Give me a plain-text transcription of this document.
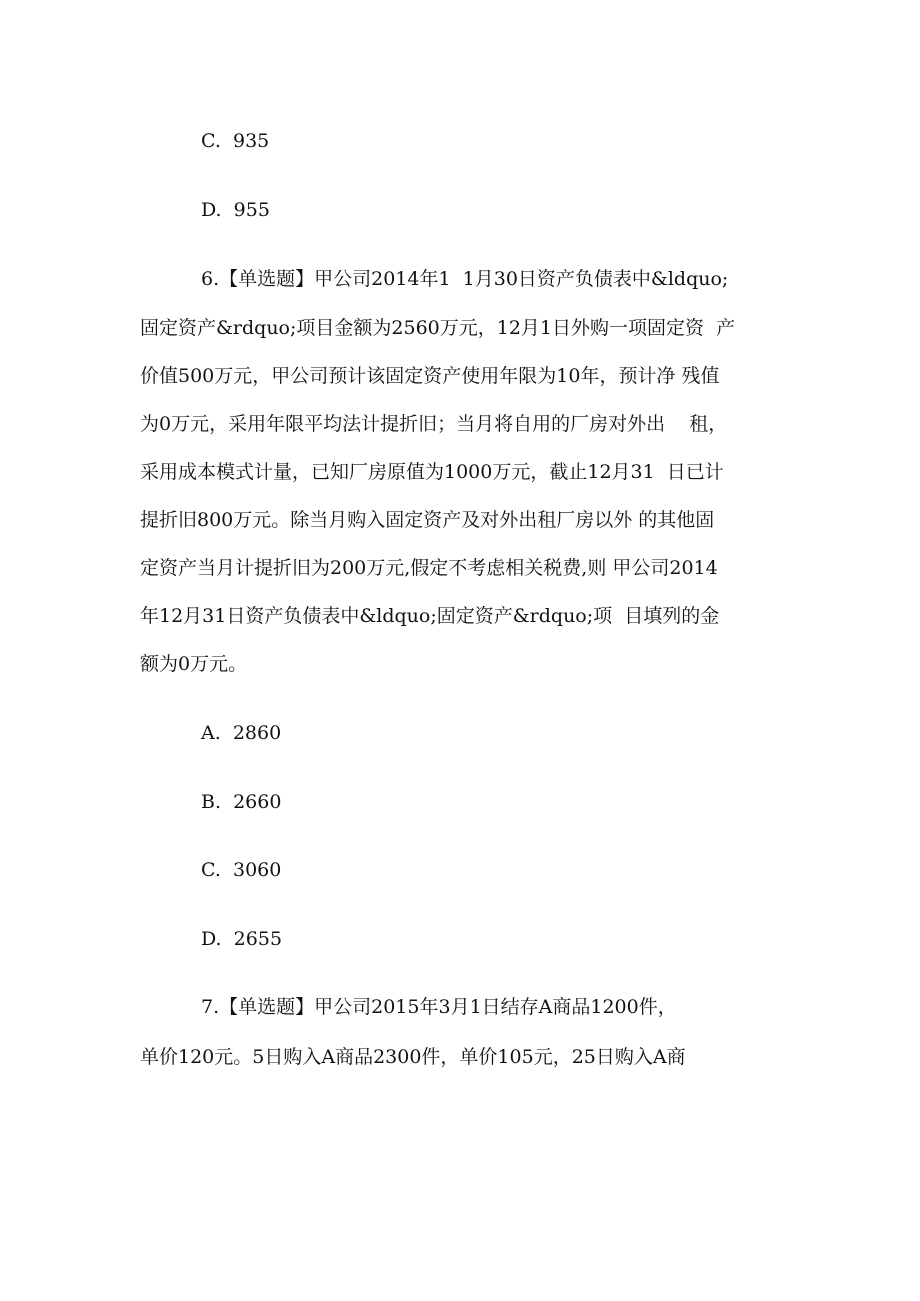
C.  935
D.  955
6.【单选题】甲公司2014年1  1月30日资产负债表中&ldquo;
固定资产&rdquo;项目金额为2560万元，12月1日外购一项固定资  产
价值500万元，甲公司预计该固定资产使用年限为10年，预计净 残值
为0万元，采用年限平均法计提折旧；当月将自用的厂房对外出    租，
采用成本模式计量，已知厂房原值为1000万元，截止12月31  日已计
提折旧800万元。除当月购入固定资产及对外出租厂房以外 的其他固
定资产当月计提折旧为200万元,假定不考虑相关税费,则 甲公司2014
年12月31日资产负债表中&ldquo;固定资产&rdquo;项  目填列的金
额为0万元。
A.  2860
B.  2660
C.  3060
D.  2655
7.【单选题】甲公司2015年3月1日结存A商品1200件，
单价120元。5日购入A商品2300件，单价105元，25日购入A商
